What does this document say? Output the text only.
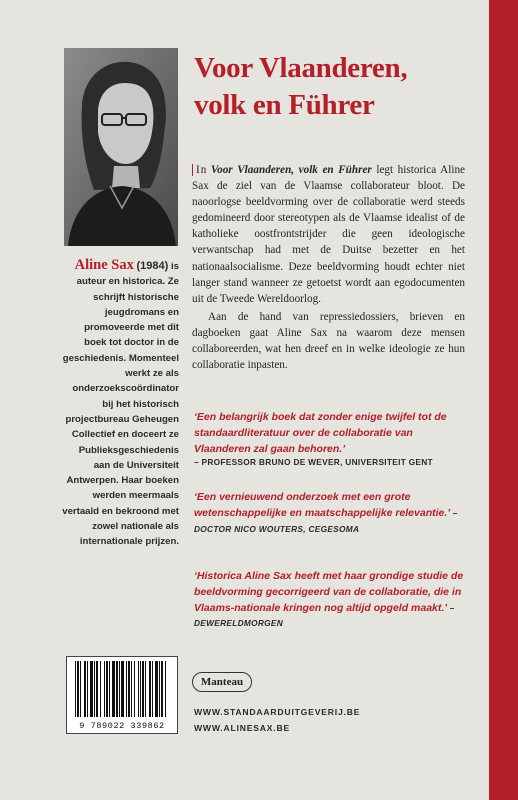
Aline Sax (1984) is auteur en historica. Ze schrijft historische jeugdromans en promoveerde met dit boek tot doctor in de geschiedenis. Momenteel werkt ze als onderzoekscoördinator bij het historisch projectbureau Geheugen Collectief en doceert ze Publieksgeschiedenis aan de Universiteit Antwerpen. Haar boeken werden meermaals vertaald en bekroond met zowel nationale als internationale prijzen.
Voor Vlaanderen,
volk en Führer

In Voor Vlaanderen, volk en Führer legt historica Aline Sax de ziel van de Vlaamse collaborateur bloot. De naoorlogse beeldvorming over de collaboratie werd steeds gedomineerd door stereotypen als de Vlaamse idealist of de katholieke oostfrontstrijder die geen ideologische verwantschap had met de Duitse bezetter en het nationaalsocialisme. Deze beeldvorming houdt echter niet langer stand wanneer ze getoetst wordt aan egodocumenten uit de Tweede Wereldoorlog.

Aan de hand van repressiedossiers, brieven en dagboeken gaat Aline Sax na waarom deze mensen collaboreerden, wat hen dreef en in welke ideologie ze hun collaboratie inpasten.

‘Een belangrijk boek dat zonder enige twijfel tot de standaardliteratuur over de collaboratie van Vlaanderen zal gaan behoren.’
– PROFESSOR BRUNO DE WEVER, UNIVERSITEIT GENT
‘Een vernieuwend onderzoek met een grote wetenschappelijke en maatschappelijke relevantie.’ – DOCTOR NICO WOUTERS, CEGESOMA
‘Historica Aline Sax heeft met haar grondige studie de beeldvorming gecorrigeerd van de collaboratie, die in Vlaams-nationale kringen nog altijd opgeld maakt.’ – DEWERELDMORGEN
9 789022 339862
Manteau
WWW.STANDAARDUITGEVERIJ.BE
WWW.ALINESAX.BE
